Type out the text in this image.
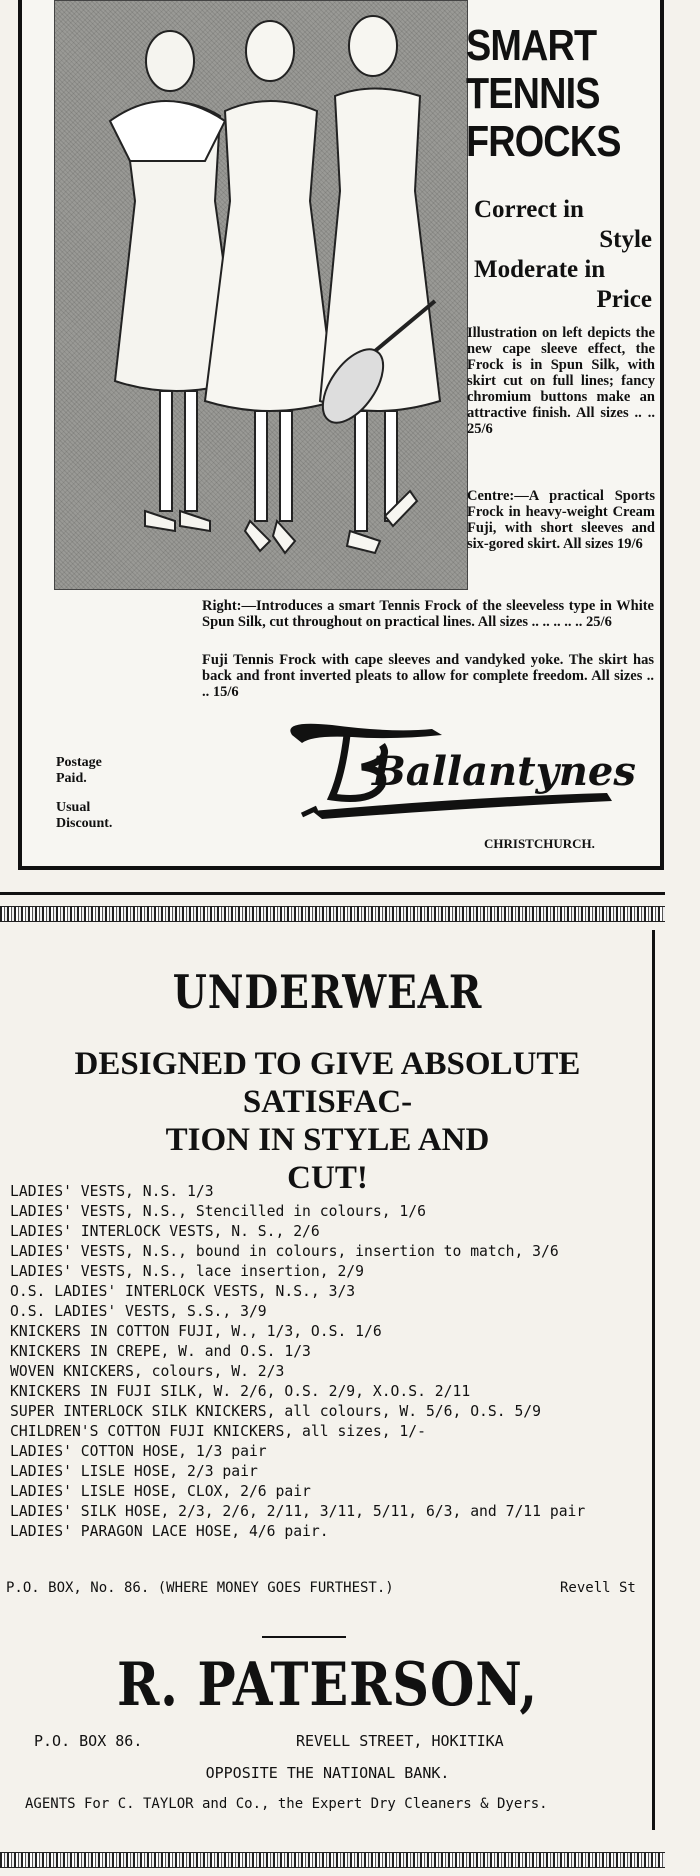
SMART
TENNIS
FROCKS
Correct in
Style
Moderate in
Price
Illustration on left depicts the new cape sleeve effect, the Frock is in Spun Silk, with skirt cut on full lines; fancy chromium buttons make an attractive finish. All sizes .. .. 25/6
Centre:—A practical Sports Frock in heavy-weight Cream Fuji, with short sleeves and six-gored skirt. All sizes 19/6
Right:—Introduces a smart Tennis Frock of the sleeveless type in White Spun Silk, cut throughout on practical lines. All sizes .. .. .. .. .. 25/6
Fuji Tennis Frock with cape sleeves and vandyked yoke. The skirt has back and front inverted pleats to allow for complete freedom. All sizes .. .. 15/6
Postage
Paid.
Usual
Discount.
Ballantynes
CHRISTCHURCH.
UNDERWEAR
DESIGNED TO GIVE ABSOLUTE SATISFAC-
TION IN STYLE AND
CUT!
LADIES' VESTS, N.S. 1/3
LADIES' VESTS, N.S., Stencilled in colours, 1/6
LADIES' INTERLOCK VESTS, N. S., 2/6
LADIES' VESTS, N.S., bound in colours, insertion to match, 3/6
LADIES' VESTS, N.S., lace insertion, 2/9
O.S. LADIES' INTERLOCK VESTS, N.S., 3/3
O.S. LADIES' VESTS, S.S., 3/9
KNICKERS IN COTTON FUJI, W., 1/3, O.S. 1/6
KNICKERS IN CREPE, W. and O.S. 1/3
WOVEN KNICKERS, colours, W. 2/3
KNICKERS IN FUJI SILK, W. 2/6, O.S. 2/9, X.O.S. 2/11
SUPER INTERLOCK SILK KNICKERS, all colours, W. 5/6, O.S. 5/9
CHILDREN'S COTTON FUJI KNICKERS, all sizes, 1/-
LADIES' COTTON HOSE, 1/3 pair
LADIES' LISLE HOSE, 2/3 pair
LADIES' LISLE HOSE, CLOX, 2/6 pair
LADIES' SILK HOSE, 2/3, 2/6, 2/11, 3/11, 5/11, 6/3, and 7/11 pair
LADIES' PARAGON LACE HOSE, 4/6 pair.
P.O. BOX, No. 86. (WHERE MONEY GOES FURTHEST.)	Revell St
R. PATERSON,
P.O. BOX 86.	REVELL STREET, HOKITIKA
OPPOSITE THE NATIONAL BANK.
AGENTS For C. TAYLOR and Co., the Expert Dry Cleaners & Dyers.
